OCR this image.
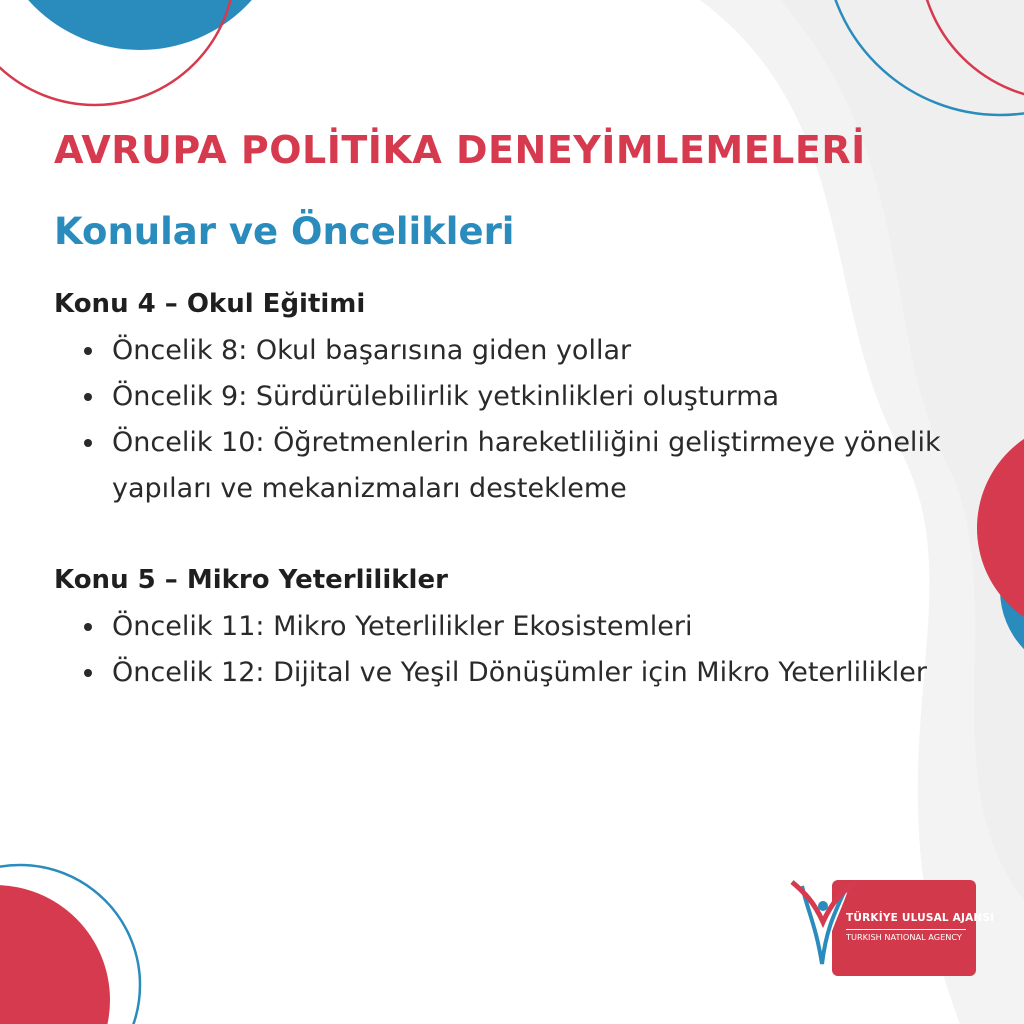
AVRUPA POLİTİKA DENEYİMLEMELERİ
Konular ve Öncelikleri
Konu 4 – Okul Eğitimi
Öncelik 8: Okul başarısına giden yollar
Öncelik 9: Sürdürülebilirlik yetkinlikleri oluşturma
Öncelik 10: Öğretmenlerin hareketliliğini geliştirmeye yönelik yapıları ve mekanizmaları destekleme
Konu 5 – Mikro Yeterlilikler
Öncelik 11: Mikro Yeterlilikler Ekosistemleri
Öncelik 12: Dijital ve Yeşil Dönüşümler için Mikro Yeterlilikler
TÜRKİYE ULUSAL AJANSI
TURKISH NATIONAL AGENCY
